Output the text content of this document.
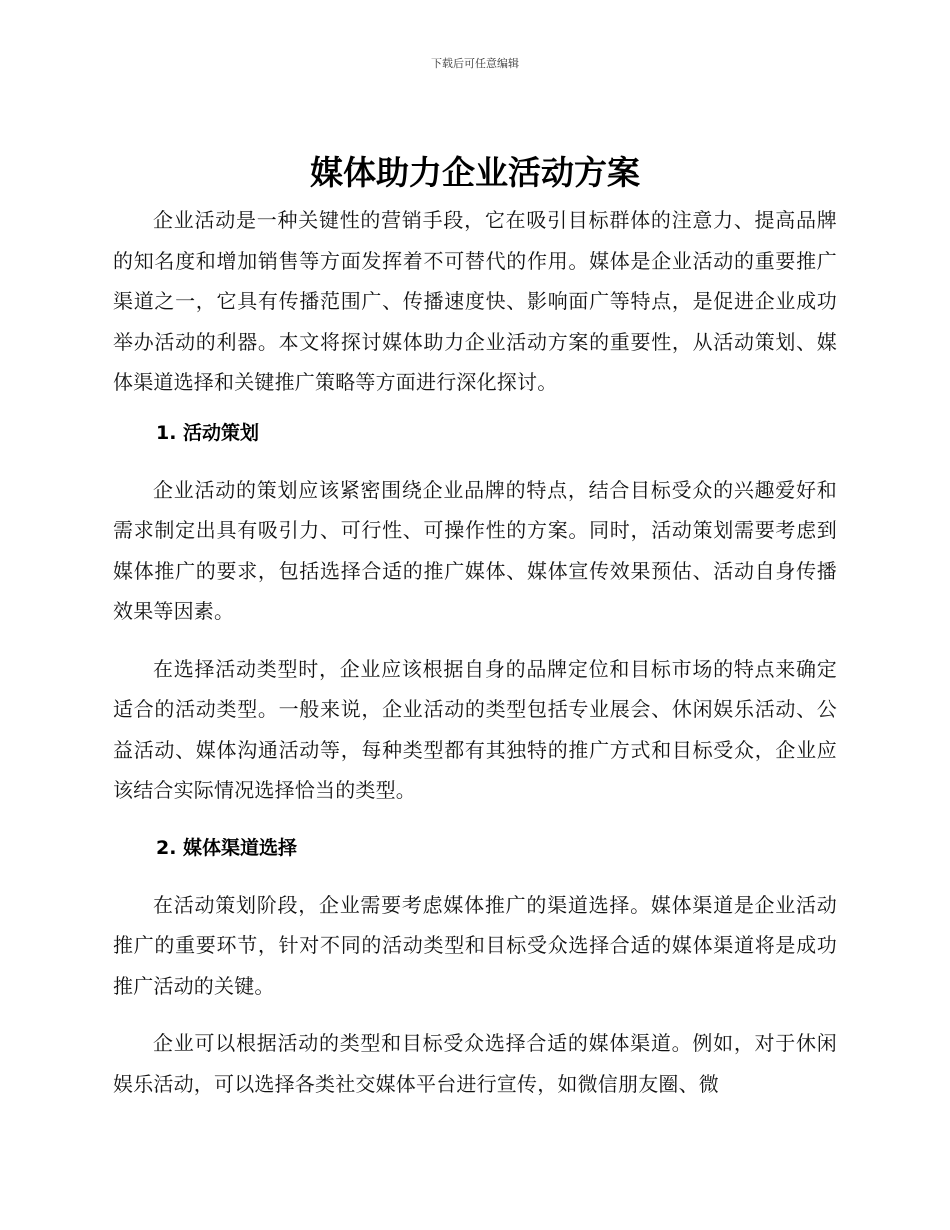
下载后可任意编辑
媒体助力企业活动方案

企业活动是一种关键性的营销手段，它在吸引目标群体的注意力、提高品牌的知名度和增加销售等方面发挥着不可替代的作用。媒体是企业活动的重要推广渠道之一，它具有传播范围广、传播速度快、影响面广等特点，是促进企业成功举办活动的利器。本文将探讨媒体助力企业活动方案的重要性，从活动策划、媒体渠道选择和关键推广策略等方面进行深化探讨。

1. 活动策划

企业活动的策划应该紧密围绕企业品牌的特点，结合目标受众的兴趣爱好和需求制定出具有吸引力、可行性、可操作性的方案。同时，活动策划需要考虑到媒体推广的要求，包括选择合适的推广媒体、媒体宣传效果预估、活动自身传播效果等因素。

在选择活动类型时，企业应该根据自身的品牌定位和目标市场的特点来确定适合的活动类型。一般来说，企业活动的类型包括专业展会、休闲娱乐活动、公益活动、媒体沟通活动等，每种类型都有其独特的推广方式和目标受众，企业应该结合实际情况选择恰当的类型。

2. 媒体渠道选择

在活动策划阶段，企业需要考虑媒体推广的渠道选择。媒体渠道是企业活动推广的重要环节，针对不同的活动类型和目标受众选择合适的媒体渠道将是成功推广活动的关键。

企业可以根据活动的类型和目标受众选择合适的媒体渠道。例如，对于休闲娱乐活动，可以选择各类社交媒体平台进行宣传，如微信朋友圈、微
